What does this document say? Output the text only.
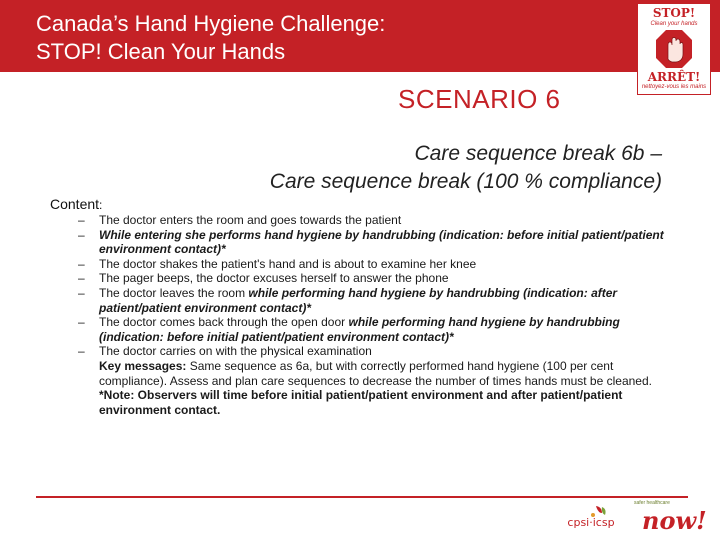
Canada’s Hand Hygiene Challenge:
STOP! Clean Your Hands
STOP!
Clean your hands
ARRÊT!
nettoyez-vous les mains
SCENARIO 6
Care sequence break 6b –
Care sequence break (100 % compliance)
Content:
– The doctor enters the room and goes towards the patient
– While entering she performs hand hygiene by handrubbing (indication: before initial patient/patient environment contact)*
– The doctor shakes the patient's hand and is about to examine her knee
– The pager beeps, the doctor excuses herself to answer the phone
– The doctor leaves the room while performing hand hygiene by handrubbing (indication: after patient/patient environment contact)*
– The doctor comes back through the open door while performing hand hygiene by handrubbing (indication: before initial patient/patient environment contact)*
– The doctor carries on with the physical examination
Key messages: Same sequence as 6a, but with correctly performed hand hygiene (100 per cent compliance). Assess and plan care sequences to decrease the number of times hands must be cleaned.
*Note: Observers will time before initial patient/patient environment and after patient/patient environment contact.
cpsi·icsp
safer healthcare
now!
